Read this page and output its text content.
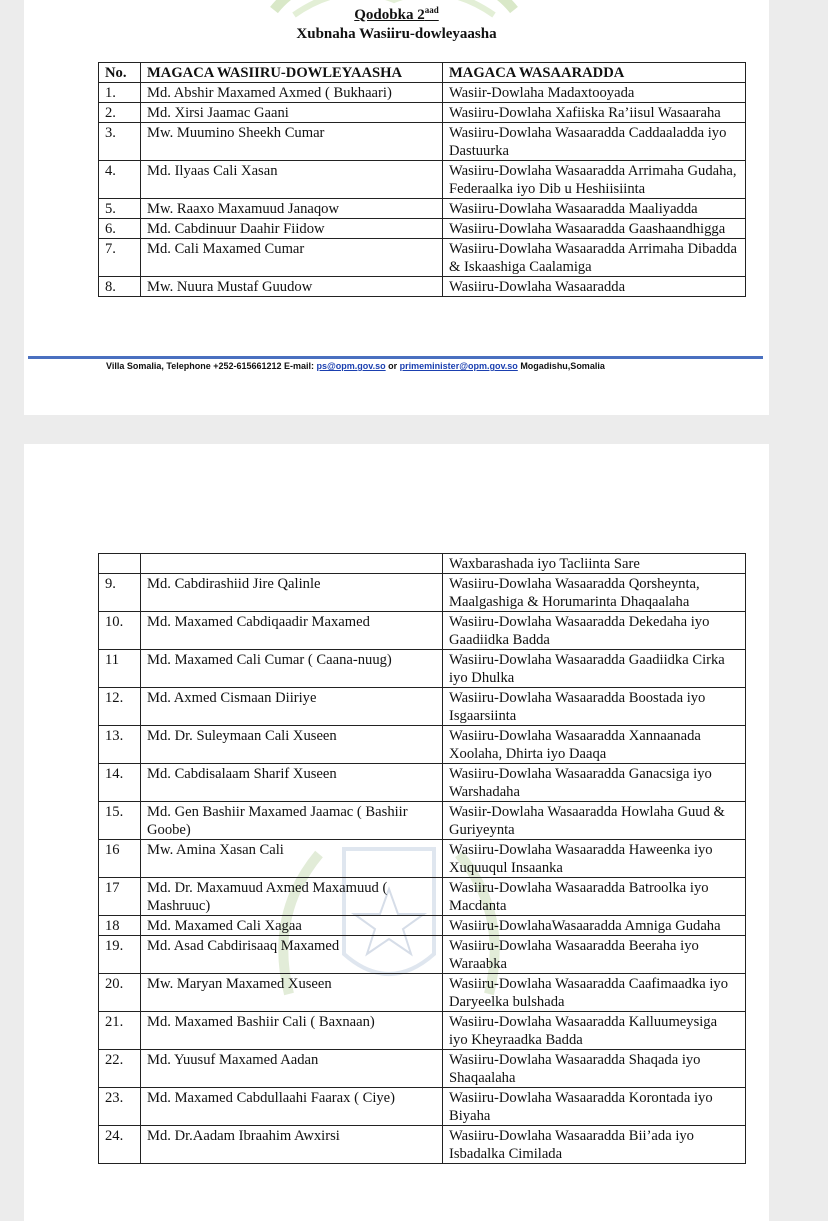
Qodobka $2^{aad}$
Xubnaha Wasiiru-dowleyaasha
No.	MAGACA WASIIRU-DOWLEYAASHA	MAGACA WASAARADDA
1.	Md. Abshir Maxamed Axmed ( Bukhaari)	Wasiir-Dowlaha Madaxtooyada
2.	Md. Xirsi Jaamac Gaani	Wasiiru-Dowlaha Xafiiska Ra’iisul Wasaaraha
3.	Mw. Muumino Sheekh Cumar	Wasiiru-Dowlaha Wasaaradda Caddaaladda iyo Dastuurka
4.	Md. Ilyaas Cali Xasan	Wasiiru-Dowlaha Wasaaradda Arrimaha Gudaha, Federaalka iyo Dib u Heshiisiinta
5.	Mw. Raaxo Maxamuud Janaqow	Wasiiru-Dowlaha Wasaaradda Maaliyadda
6.	Md. Cabdinuur Daahir Fiidow	Wasiiru-Dowlaha Wasaaradda Gaashaandhigga
7.	Md. Cali Maxamed Cumar	Wasiiru-Dowlaha Wasaaradda Arrimaha Dibadda & Iskaashiga Caalamiga
8.	Mw. Nuura Mustaf Guudow	Wasiiru-Dowlaha Wasaaradda
Villa Somalia, Telephone +252-615661212 E-mail: ps@opm.gov.so or primeminister@opm.gov.so Mogadishu,Somalia
		Waxbarashada iyo Tacliinta Sare
9.	Md. Cabdirashiid Jire Qalinle	Wasiiru-Dowlaha Wasaaradda Qorsheynta, Maalgashiga & Horumarinta Dhaqaalaha
10.	Md. Maxamed Cabdiqaadir Maxamed	Wasiiru-Dowlaha Wasaaradda Dekedaha iyo Gaadiidka Badda
11	Md. Maxamed Cali Cumar ( Caana-nuug)	Wasiiru-Dowlaha Wasaaradda Gaadiidka Cirka iyo Dhulka
12.	Md. Axmed Cismaan Diiriye	Wasiiru-Dowlaha Wasaaradda Boostada iyo Isgaarsiinta
13.	Md. Dr. Suleymaan Cali Xuseen	Wasiiru-Dowlaha Wasaaradda Xannaanada Xoolaha, Dhirta iyo Daaqa
14.	Md. Cabdisalaam Sharif Xuseen	Wasiiru-Dowlaha Wasaaradda Ganacsiga iyo Warshadaha
15.	Md. Gen Bashiir Maxamed Jaamac ( Bashiir Goobe)	Wasiir-Dowlaha Wasaaradda Howlaha Guud & Guriyeynta
16	Mw. Amina Xasan Cali	Wasiiru-Dowlaha Wasaaradda Haweenka iyo Xuquuqul Insaanka
17	Md. Dr. Maxamuud Axmed Maxamuud ( Mashruuc)	Wasiiru-Dowlaha Wasaaradda Batroolka iyo Macdanta
18	Md. Maxamed Cali Xagaa	Wasiiru-DowlahaWasaaradda Amniga Gudaha
19.	Md. Asad Cabdirisaaq Maxamed	Wasiiru-Dowlaha Wasaaradda Beeraha iyo Waraabka
20.	Mw. Maryan Maxamed Xuseen	Wasiiru-Dowlaha Wasaaradda Caafimaadka iyo Daryeelka bulshada
21.	Md. Maxamed Bashiir Cali ( Baxnaan)	Wasiiru-Dowlaha Wasaaradda Kalluumeysiga iyo Kheyraadka Badda
22.	Md. Yuusuf Maxamed Aadan	Wasiiru-Dowlaha Wasaaradda Shaqada iyo Shaqaalaha
23.	Md. Maxamed Cabdullaahi Faarax ( Ciye)	Wasiiru-Dowlaha Wasaaradda Korontada iyo Biyaha
24.	Md. Dr.Aadam Ibraahim Awxirsi	Wasiiru-Dowlaha Wasaaradda Bii’ada iyo Isbadalka Cimilada
